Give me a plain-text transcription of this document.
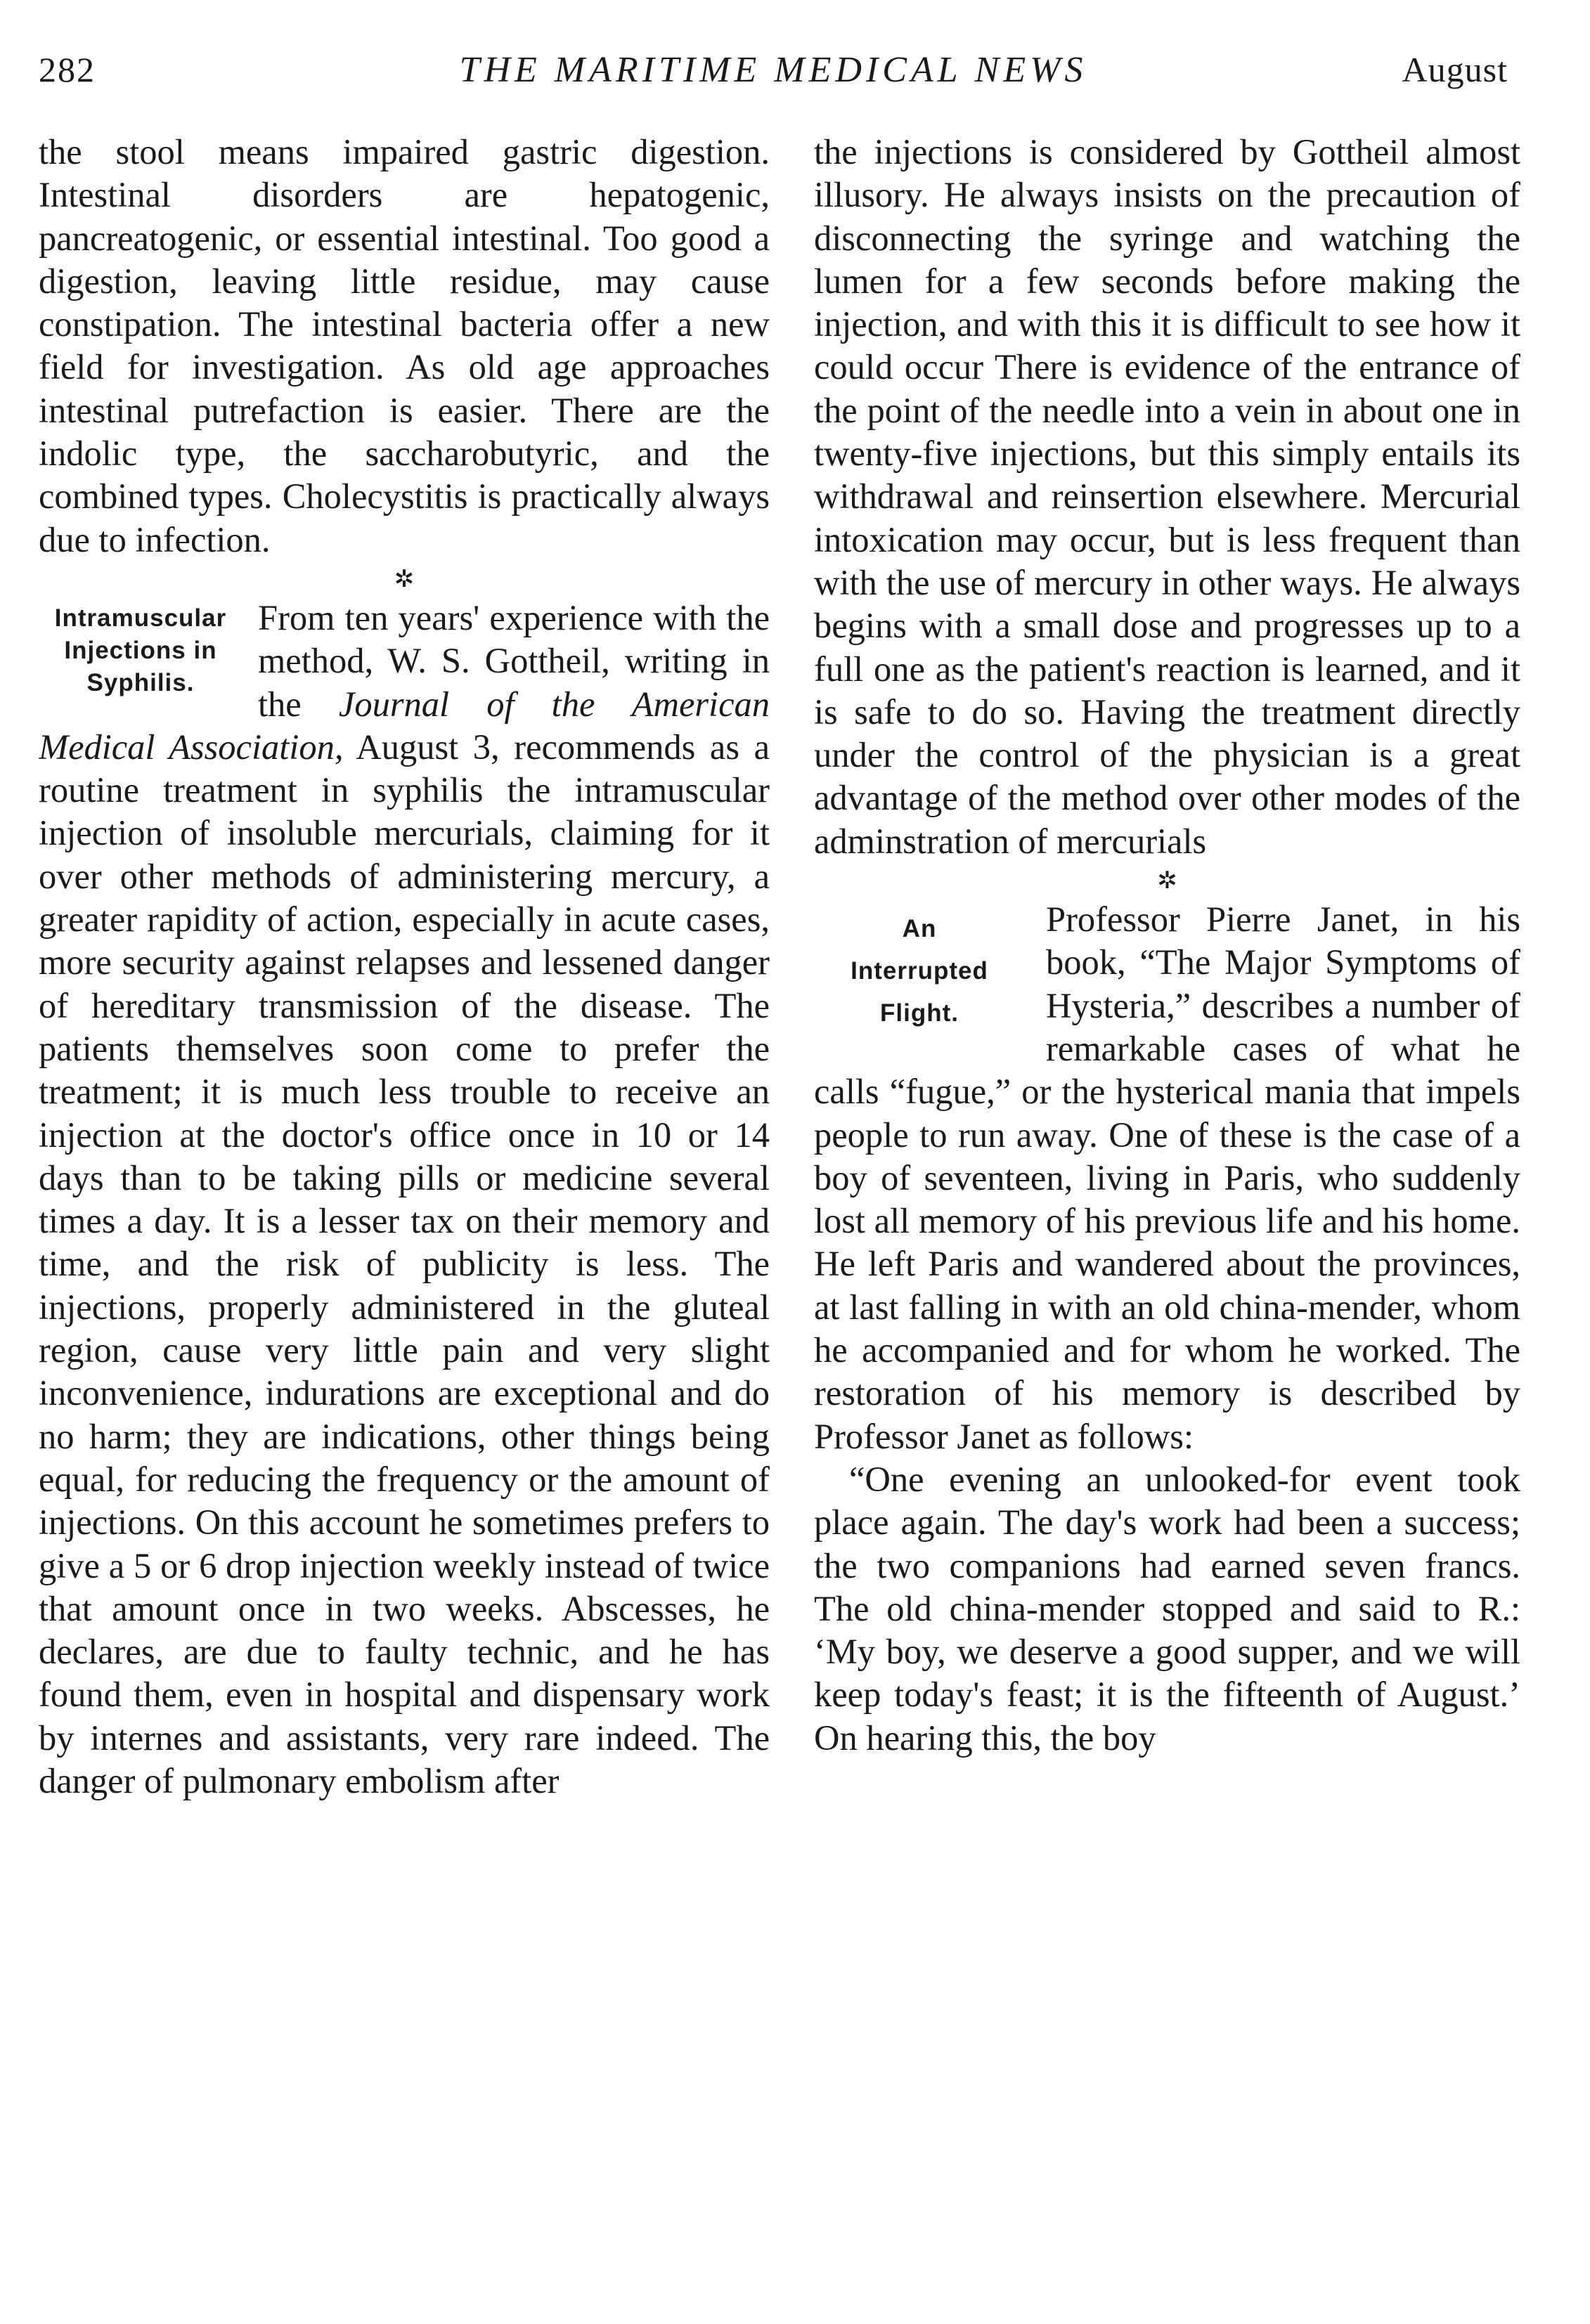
282	THE MARITIME MEDICAL NEWS	August

the stool means impaired gastric digestion. Intestinal disorders are hepatogenic, pancreatogenic, or essential intestinal. Too good a digestion, leaving little residue, may cause constipation. The intestinal bacteria offer a new field for investigation. As old age approaches intestinal putrefaction is easier. There are the indolic type, the saccharobutyric, and the combined types. Cholecystitis is practically always due to infection.

✲
Intramuscular
Injections in
Syphilis.

From ten years' experience with the method, W. S. Gottheil, writing in the Journal of the American Medical Association, August 3, recommends as a routine treatment in syphilis the intramuscular injection of insoluble mercurials, claiming for it over other methods of administering mercury, a greater rapidity of action, especially in acute cases, more security against relapses and lessened danger of hereditary transmission of the disease. The patients themselves soon come to prefer the treatment; it is much less trouble to receive an injection at the doctor's office once in 10 or 14 days than to be taking pills or medicine several times a day. It is a lesser tax on their memory and time, and the risk of publicity is less. The injections, properly administered in the gluteal region, cause very little pain and very slight inconvenience, indurations are exceptional and do no harm; they are indications, other things being equal, for reducing the frequency or the amount of injections. On this account he sometimes prefers to give a 5 or 6 drop injection weekly instead of twice that amount once in two weeks. Abscesses, he declares, are due to faulty technic, and he has found them, even in hospital and dispensary work by internes and assistants, very rare indeed. The danger of pulmonary embolism after

the injections is considered by Gottheil almost illusory. He always insists on the precaution of disconnecting the syringe and watching the lumen for a few seconds before making the injection, and with this it is difficult to see how it could occur There is evidence of the entrance of the point of the needle into a vein in about one in twenty-five injections, but this simply entails its withdrawal and reinsertion elsewhere. Mercurial intoxication may occur, but is less frequent than with the use of mercury in other ways. He always begins with a small dose and progresses up to a full one as the patient's reaction is learned, and it is safe to do so. Having the treatment directly under the control of the physician is a great advantage of the method over other modes of the adminstration of mercurials

✲
An
Interrupted
Flight.

Professor Pierre Janet, in his book, “The Major Symptoms of Hysteria,” describes a number of remarkable cases of what he calls “fugue,” or the hysterical mania that impels people to run away. One of these is the case of a boy of seventeen, living in Paris, who suddenly lost all memory of his previous life and his home. He left Paris and wandered about the provinces, at last falling in with an old china-mender, whom he accompanied and for whom he worked. The restoration of his memory is described by Professor Janet as follows:

“One evening an unlooked-for event took place again. The day's work had been a success; the two companions had earned seven francs. The old china-mender stopped and said to R.: ‘My boy, we deserve a good supper, and we will keep today's feast; it is the fifteenth of August.’ On hearing this, the boy
